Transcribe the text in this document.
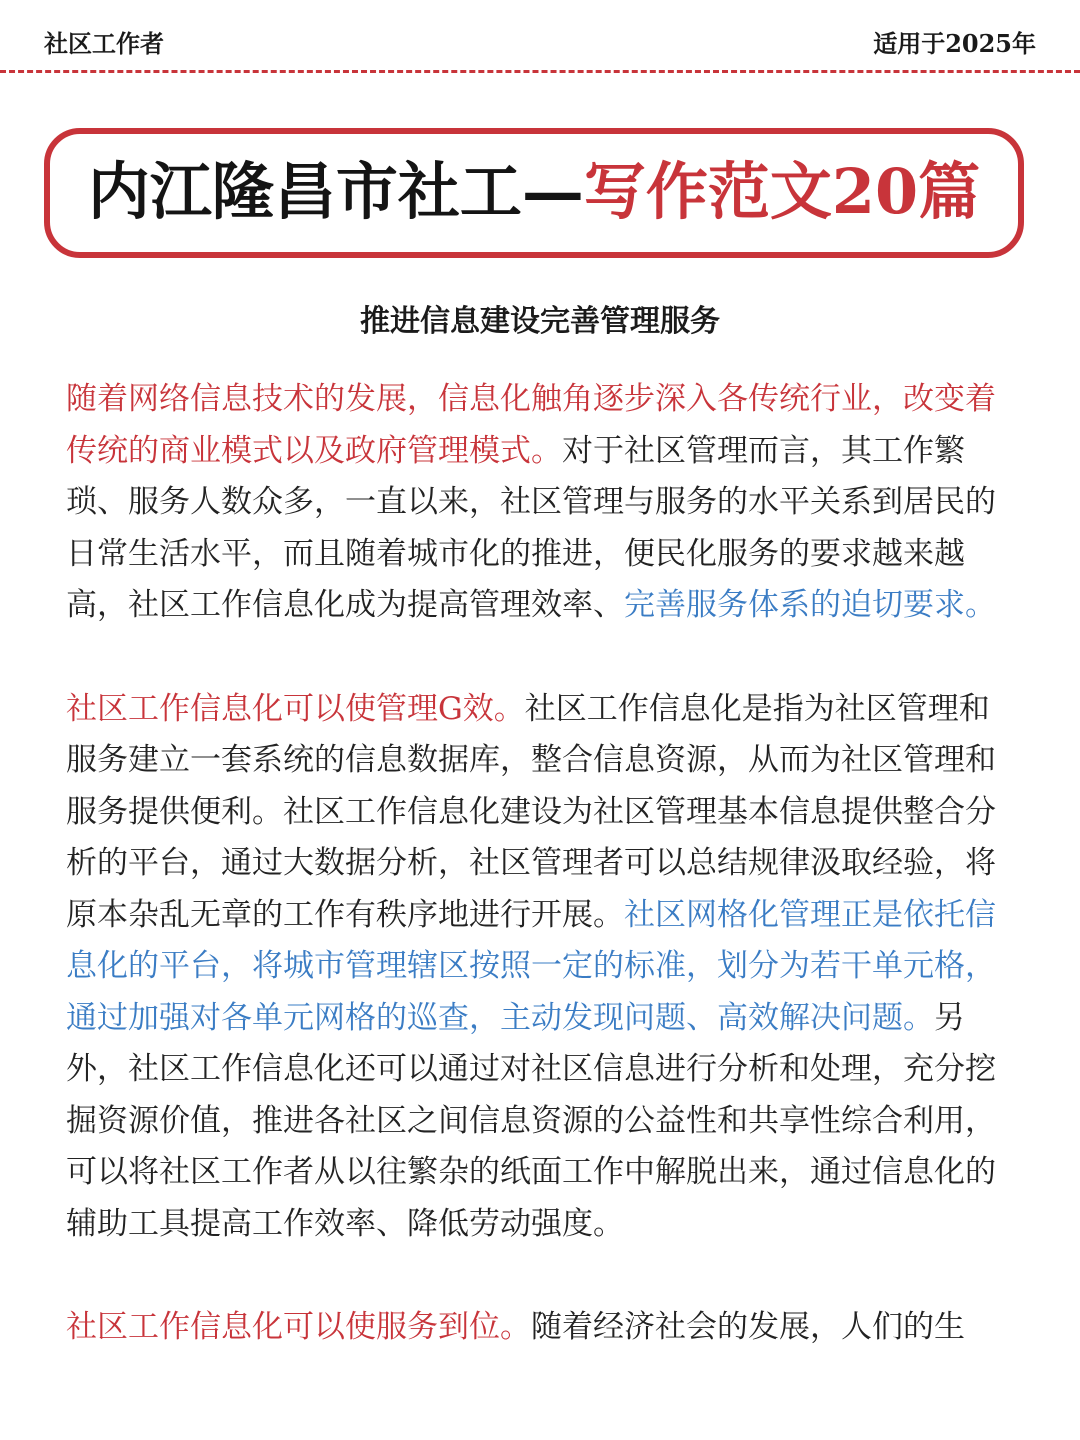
社区工作者	适用于2025年
内江隆昌市社工—写作范文20篇
推进信息建设完善管理服务

随着网络信息技术的发展，信息化触角逐步深入各传统行业，改变着传统的商业模式以及政府管理模式。对于社区管理而言，其工作繁琐、服务人数众多，一直以来，社区管理与服务的水平关系到居民的日常生活水平，而且随着城市化的推进，便民化服务的要求越来越高，社区工作信息化成为提高管理效率、完善服务体系的迫切要求。

社区工作信息化可以使管理G效。社区工作信息化是指为社区管理和服务建立一套系统的信息数据库，整合信息资源，从而为社区管理和服务提供便利。社区工作信息化建设为社区管理基本信息提供整合分析的平台，通过大数据分析，社区管理者可以总结规律汲取经验，将原本杂乱无章的工作有秩序地进行开展。社区网格化管理正是依托信息化的平台，将城市管理辖区按照一定的标准，划分为若干单元格，通过加强对各单元网格的巡查，主动发现问题、高效解决问题。另外，社区工作信息化还可以通过对社区信息进行分析和处理，充分挖掘资源价值，推进各社区之间信息资源的公益性和共享性综合利用，可以将社区工作者从以往繁杂的纸面工作中解脱出来，通过信息化的辅助工具提高工作效率、降低劳动强度。

社区工作信息化可以使服务到位。随着经济社会的发展，人们的生
